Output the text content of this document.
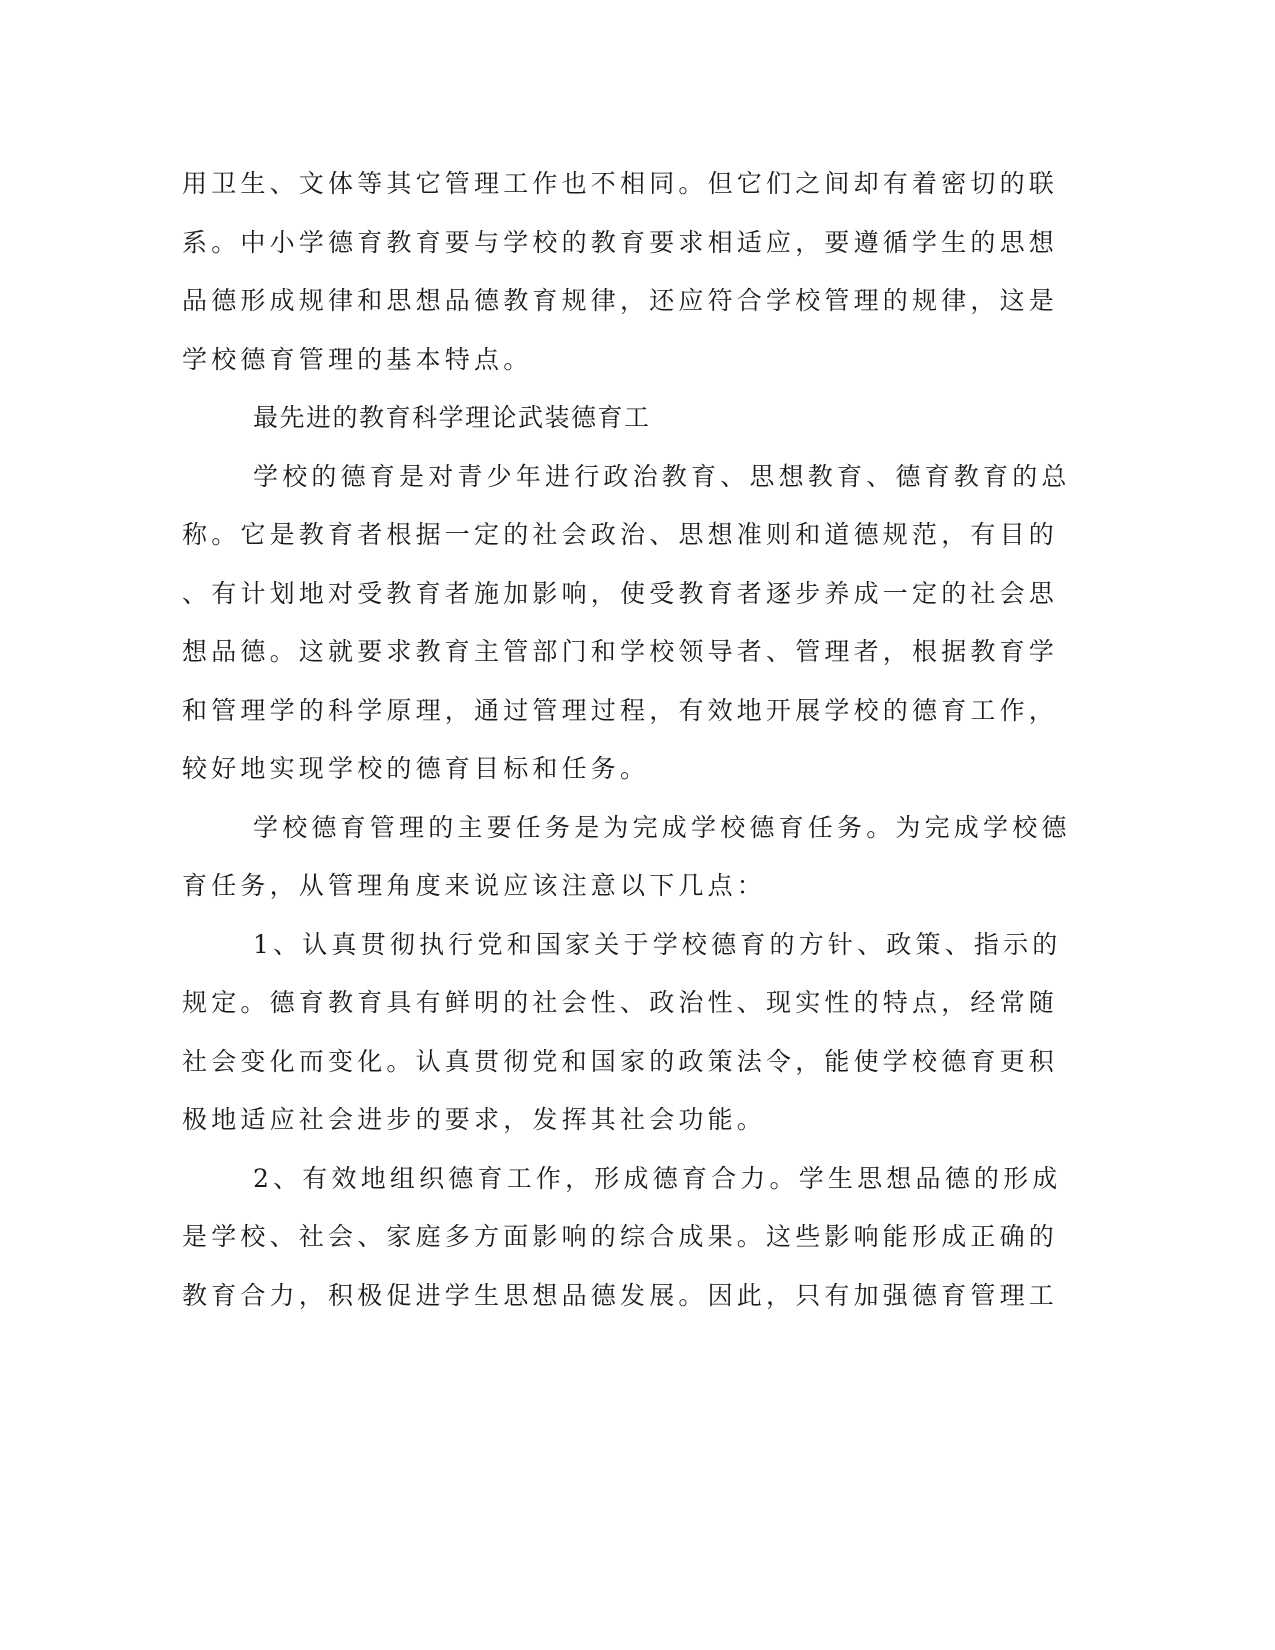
用卫生、文体等其它管理工作也不相同。但它们之间却有着密切的联
系。中小学德育教育要与学校的教育要求相适应，要遵循学生的思想
品德形成规律和思想品德教育规律，还应符合学校管理的规律，这是
学校德育管理的基本特点。
最先进的教育科学理论武装德育工
学校的德育是对青少年进行政治教育、思想教育、德育教育的总
称。它是教育者根据一定的社会政治、思想准则和道德规范，有目的
、有计划地对受教育者施加影响，使受教育者逐步养成一定的社会思
想品德。这就要求教育主管部门和学校领导者、管理者，根据教育学
和管理学的科学原理，通过管理过程，有效地开展学校的德育工作，
较好地实现学校的德育目标和任务。
学校德育管理的主要任务是为完成学校德育任务。为完成学校德
育任务，从管理角度来说应该注意以下几点：
1、认真贯彻执行党和国家关于学校德育的方针、政策、指示的
规定。德育教育具有鲜明的社会性、政治性、现实性的特点，经常随
社会变化而变化。认真贯彻党和国家的政策法令，能使学校德育更积
极地适应社会进步的要求，发挥其社会功能。
2、有效地组织德育工作，形成德育合力。学生思想品德的形成
是学校、社会、家庭多方面影响的综合成果。这些影响能形成正确的
教育合力，积极促进学生思想品德发展。因此，只有加强德育管理工
